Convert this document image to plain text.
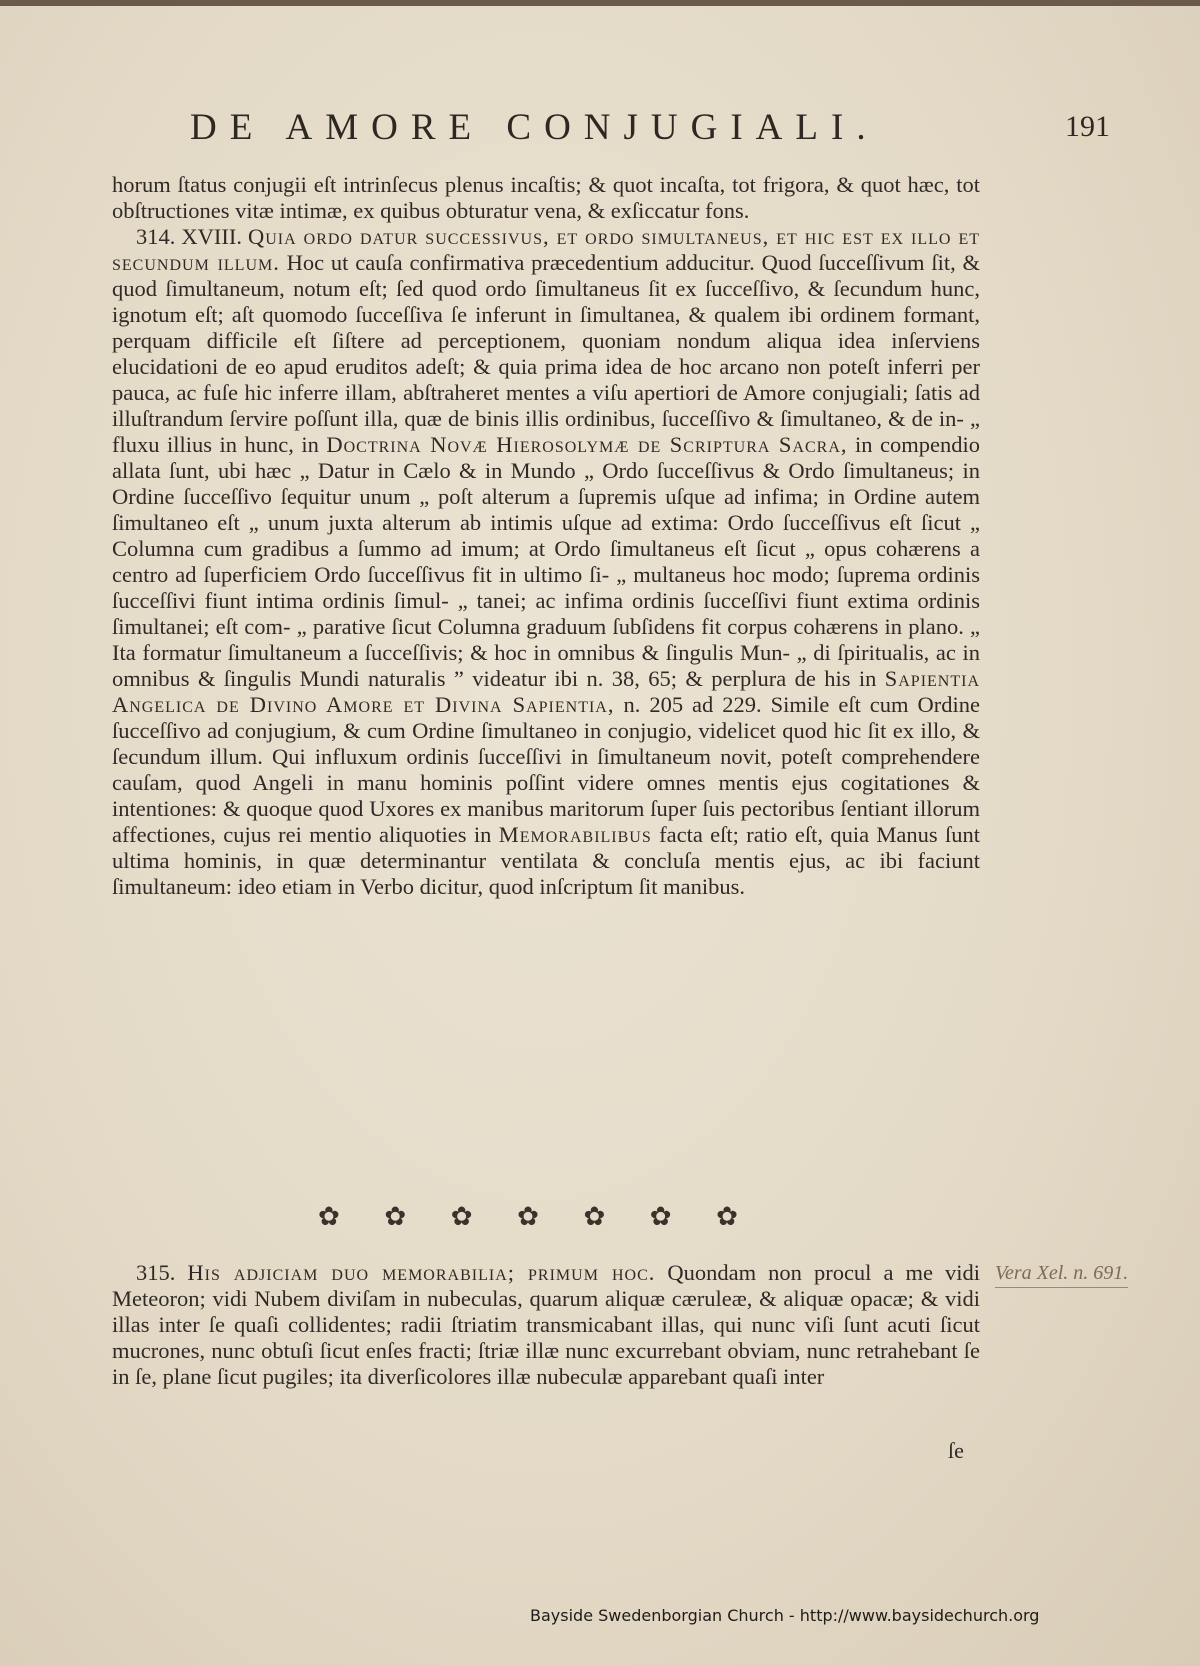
DE AMORE CONJUGIALI.	191

horum ſtatus conjugii eſt intrinſecus plenus incaſtis; & quot incaſta, tot frigora, & quot hæc, tot obſtructiones vitæ intimæ, ex quibus obturatur vena, & exſiccatur fons.

314. XVIII. Quia ordo datur successivus, et ordo simultaneus, et hic est ex illo et secundum illum. Hoc ut cauſa confirmativa præcedentium adducitur. Quod ſucceſſivum ſit, & quod ſimultaneum, notum eſt; ſed quod ordo ſimultaneus ſit ex ſucceſſivo, & ſecundum hunc, ignotum eſt; aſt quomodo ſucceſſiva ſe inferunt in ſimultanea, & qualem ibi ordinem formant, perquam difficile eſt ſiſtere ad perceptionem, quoniam nondum aliqua idea inſerviens elucidationi de eo apud eruditos adeſt; & quia prima idea de hoc arcano non poteſt inferri per pauca, ac fuſe hic inferre illam, abſtraheret mentes a viſu apertiori de Amore conjugiali; ſatis ad illuſtrandum ſervire poſſunt illa, quæ de binis illis ordinibus, ſucceſſivo & ſimultaneo, & de in- „ fluxu illius in hunc, in Doctrina Novæ Hierosolymæ de Scriptura Sacra, in compendio allata ſunt, ubi hæc „ Datur in Cælo & in Mundo „ Ordo ſucceſſivus & Ordo ſimultaneus; in Ordine ſucceſſivo ſequitur unum „ poſt alterum a ſupremis uſque ad infima; in Ordine autem ſimultaneo eſt „ unum juxta alterum ab intimis uſque ad extima: Ordo ſucceſſivus eſt ſicut „ Columna cum gradibus a ſummo ad imum; at Ordo ſimultaneus eſt ſicut „ opus cohærens a centro ad ſuperficiem Ordo ſucceſſivus fit in ultimo ſi- „ multaneus hoc modo; ſuprema ordinis ſucceſſivi fiunt intima ordinis ſimul- „ tanei; ac infima ordinis ſucceſſivi fiunt extima ordinis ſimultanei; eſt com- „ parative ſicut Columna graduum ſubſidens fit corpus cohærens in plano. „ Ita formatur ſimultaneum a ſucceſſivis; & hoc in omnibus & ſingulis Mun- „ di ſpiritualis, ac in omnibus & ſingulis Mundi naturalis ” videatur ibi n. 38, 65; & perplura de his in Sapientia Angelica de Divino Amore et Divina Sapientia, n. 205 ad 229. Simile eſt cum Ordine ſucceſſivo ad conjugium, & cum Ordine ſimultaneo in conjugio, videlicet quod hic ſit ex illo, & ſecundum illum. Qui influxum ordinis ſucceſſivi in ſimultaneum novit, poteſt comprehendere cauſam, quod Angeli in manu hominis poſſint videre omnes mentis ejus cogitationes & intentiones: & quoque quod Uxores ex manibus maritorum ſuper ſuis pectoribus ſentiant illorum affectiones, cujus rei mentio aliquoties in Memorabilibus facta eſt; ratio eſt, quia Manus ſunt ultima hominis, in quæ determinantur ventilata & concluſa mentis ejus, ac ibi faciunt ſimultaneum: ideo etiam in Verbo dicitur, quod inſcriptum ſit manibus.

✿ ✿ ✿ ✿ ✿ ✿ ✿

315. His adjiciam duo memorabilia; primum hoc. Quondam non procul a me vidi Meteoron; vidi Nubem diviſam in nubeculas, quarum aliquæ cæruleæ, & aliquæ opacæ; & vidi illas inter ſe quaſi collidentes; radii ſtriatim transmicabant illas, qui nunc viſi ſunt acuti ſicut mucrones, nunc obtuſi ſicut enſes fracti; ſtriæ illæ nunc excurrebant obviam, nunc retrahebant ſe in ſe, plane ſicut pugiles; ita diverſicolores illæ nubeculæ apparebant quaſi inter

Vera Xel. n. 691.
ſe
Bayside Swedenborgian Church - http://www.baysidechurch.org
